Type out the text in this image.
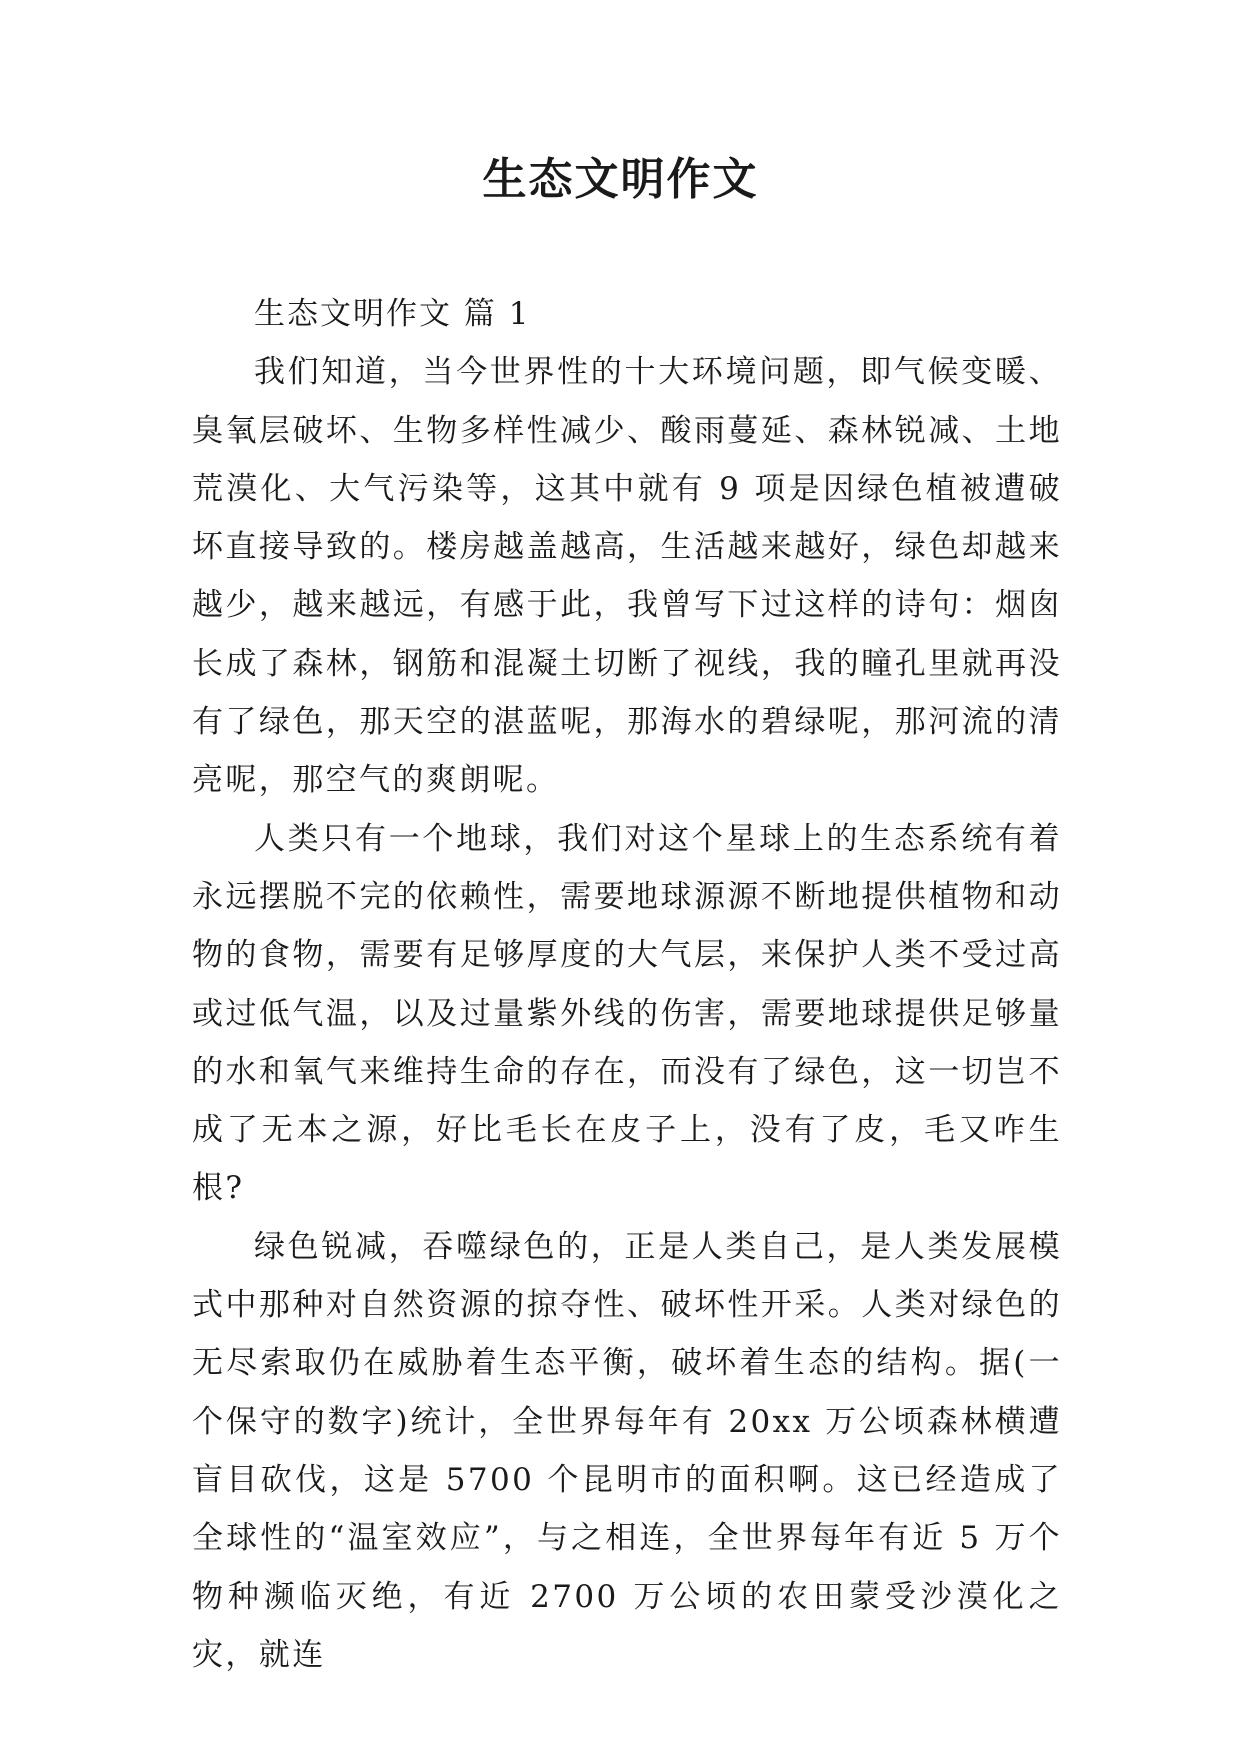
生态文明作文

生态文明作文 篇 1

我们知道，当今世界性的十大环境问题，即气候变暖、臭氧层破坏、生物多样性减少、酸雨蔓延、森林锐减、土地荒漠化、大气污染等，这其中就有 9 项是因绿色植被遭破坏直接导致的。楼房越盖越高，生活越来越好，绿色却越来越少，越来越远，有感于此，我曾写下过这样的诗句：烟囱长成了森林，钢筋和混凝土切断了视线，我的瞳孔里就再没有了绿色，那天空的湛蓝呢，那海水的碧绿呢，那河流的清亮呢，那空气的爽朗呢。

人类只有一个地球，我们对这个星球上的生态系统有着永远摆脱不完的依赖性，需要地球源源不断地提供植物和动物的食物，需要有足够厚度的大气层，来保护人类不受过高或过低气温，以及过量紫外线的伤害，需要地球提供足够量的水和氧气来维持生命的存在，而没有了绿色，这一切岂不成了无本之源，好比毛长在皮子上，没有了皮，毛又咋生根?

绿色锐减，吞噬绿色的，正是人类自己，是人类发展模式中那种对自然资源的掠夺性、破坏性开采。人类对绿色的无尽索取仍在威胁着生态平衡，破坏着生态的结构。据(一个保守的数字)统计，全世界每年有 20xx 万公顷森林横遭盲目砍伐，这是 5700 个昆明市的面积啊。这已经造成了全球性的“温室效应”，与之相连，全世界每年有近 5 万个物种濒临灭绝，有近 2700 万公顷的农田蒙受沙漠化之灾，就连
